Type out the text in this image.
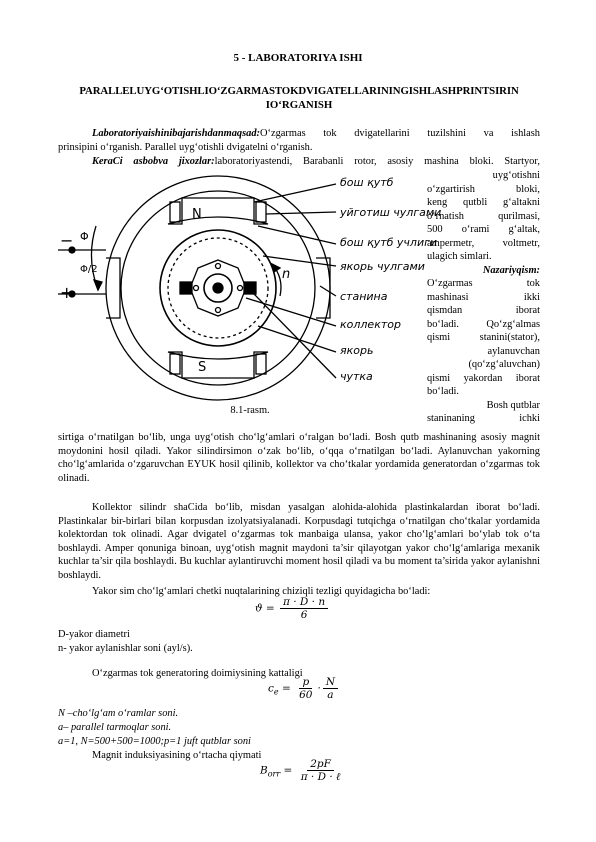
5 - LABORATORIYA ISHI
PARALLELUYG‘OTISHLIO‘ZGARMASTOKDVIGATELLARININGISHLASHPRINTSIRIN
IO‘RGANISH
Laboratoriyaishinibajarishdanmaqsad:O‘zgarmas tok dvigatellarini tuzilshini va ishlash
prinsipini o‘rganish. Parallel uyg‘otishli dvigatelni o‘rganish.
KeraCi asbobva jixozlar:laboratoriyastendi, Barabanli rotor, asosiy mashina bloki. Startyor,
uyg‘otishni
o‘zgartirish bloki,
keng qutbli g‘altakni
o‘rnatish qurilmasi,
500 o‘rami g‘altak,
ampermetr, voltmetr,
ulagich simlari.
Nazariyqism:
O‘zgarmas tok
mashinasi ikki
qismdan iborat
bo‘ladi. Qo‘zg‘almas
qismi stanini(stator),
aylanuvchan
(qo‘zg‘aluvchan)
qismi yakordan iborat
bo‘ladi.
Bosh qutblar
staninaning ichki
бош қутб
уйготиш чулгами
бош қутб учлиги
якорь чулгами
станина
коллектор
якорь
чутка
N
S
n
Φ
Φ/2
−
+
8.1-rasm.
sirtiga o‘rnatilgan bo‘lib, unga uyg‘otish cho‘lg‘amlari o‘ralgan bo‘ladi. Bosh qutb mashinaning asosiy magnit moydonini hosil qiladi. Yakor silindirsimon o‘zak bo‘lib, o‘qqa o‘rnatilgan bo‘ladi. Aylanuvchan yakorning cho‘lg‘amlarida o‘zgaruvchan EYUK hosil qilinib, kollektor va cho‘tkalar yordamida generatordan o‘zgarmas tok olinadi.
Kollektor silindr shaCida bo‘lib, misdan yasalgan alohida-alohida plastinkalardan iborat bo‘ladi. Plastinkalar bir-birlari bilan korpusdan izolyatsiyalanadi. Korpusdagi tutqichga o‘rnatilgan cho‘tkalar yordamida kolektordan tok olinadi. Agar dvigatel o‘zgarmas tok manbaiga ulansa, yakor cho‘lg‘amlari bo‘ylab tok o‘ta boshlaydi. Amper qonuniga binoan, uyg‘otish magnit maydoni ta’sir qilayotgan yakor cho‘lg‘amlariga mexanik kuchlar ta’sir qila boshlaydi. Bu kuchlar aylantiruvchi moment hosil qiladi va bu moment ta’sirida yakor aylanishni boshlaydi.
Yakor sim cho‘lg‘amlari chetki nuqtalarining chiziqli tezligi quyidagicha bo‘ladi:
$ϑ = \frac{\pi \cdot D \cdot n}{6}$
D-yakor diametri
n- yakor aylanishlar soni (ayl/s).
O‘zgarmas tok generatoring doimiysining kattaligi
$c_e = \frac{p}{60} \cdot \frac{N}{a}$
N –cho‘lg‘am o‘ramlar soni.
a– parallel tarmoqlar soni.
a=1, N=500+500=1000;p=1 juft qutblar soni
Magnit induksiyasining o‘rtacha qiymati
$B_{orr} = \frac{2pF}{\text{π · D · ℓ}}$
